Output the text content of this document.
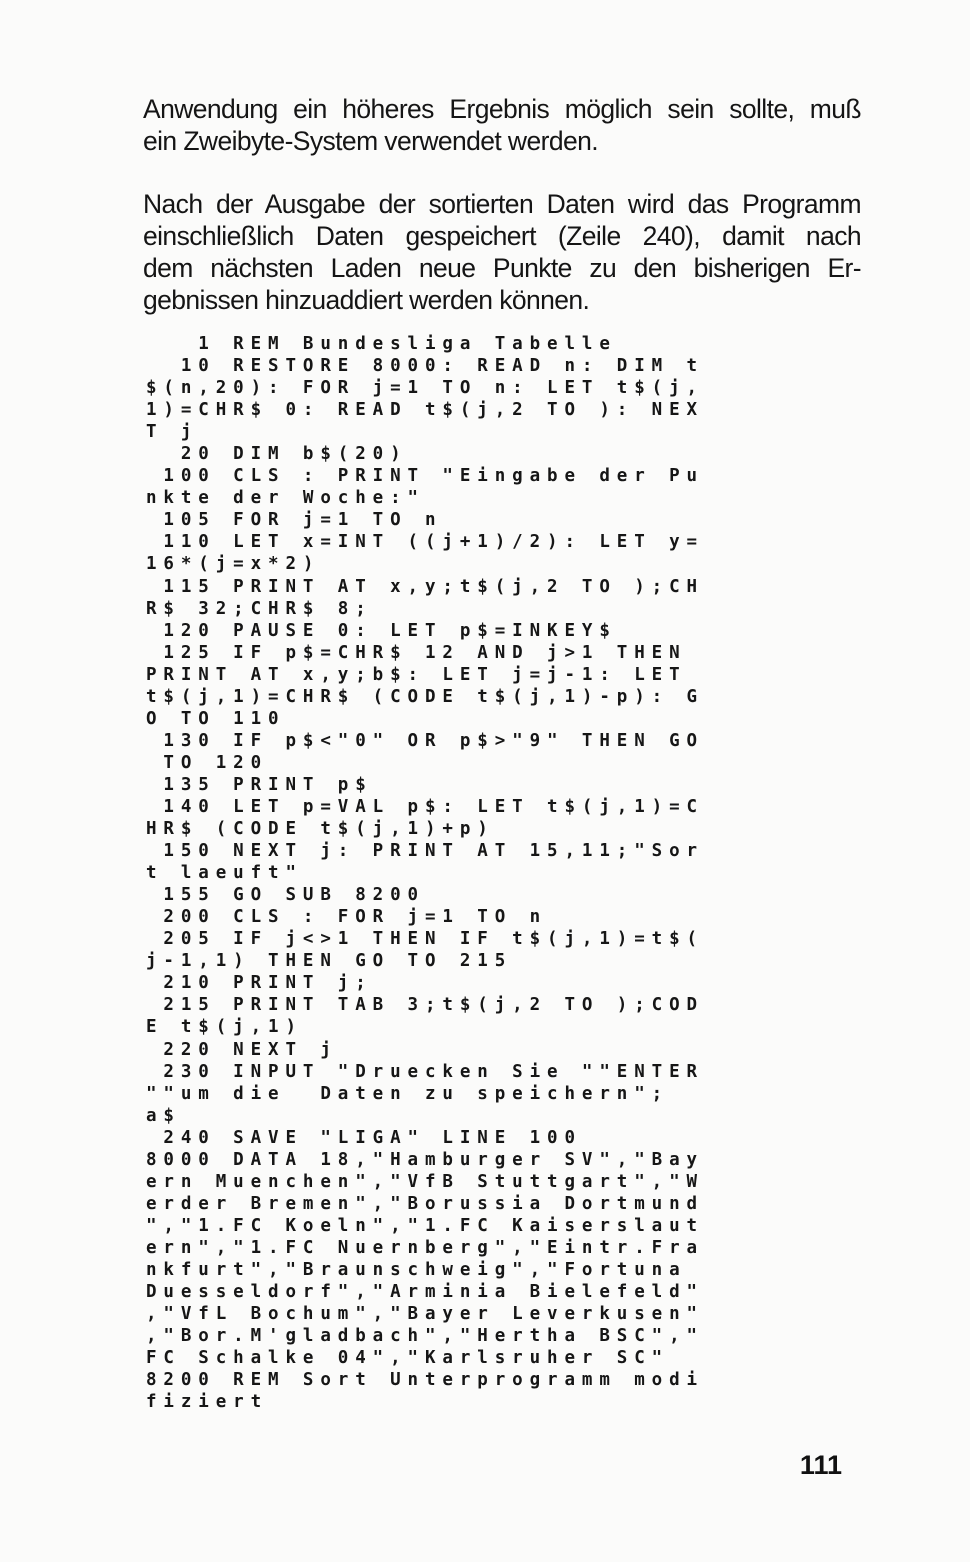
Anwendung ein höheres Ergebnis möglich sein sollte, muß
ein Zweibyte-System verwendet werden.

Nach der Ausgabe der sortierten Daten wird das Programm
einschließlich Daten gespeichert (Zeile 240), damit nach
dem nächsten Laden neue Punkte zu den bisherigen Er-
gebnissen hinzuaddiert werden können.

1 REM Bundesliga Tabelle
10 RESTORE 8000: READ n: DIM t
$(n,20): FOR j=1 TO n: LET t$(j,
1)=CHR$ 0: READ t$(j,2 TO ): NEX
T j
20 DIM b$(20)
100 CLS : PRINT "Eingabe der Pu
nkte der Woche:"
105 FOR j=1 TO n
110 LET x=INT ((j+1)/2): LET y=
16*(j=x*2)
115 PRINT AT x,y;t$(j,2 TO );CH
R$ 32;CHR$ 8;
120 PAUSE 0: LET p$=INKEY$
125 IF p$=CHR$ 12 AND j>1 THEN
PRINT AT x,y;b$: LET j=j-1: LET
t$(j,1)=CHR$ (CODE t$(j,1)-p): G
O TO 110
130 IF p$<"0" OR p$>"9" THEN GO
TO 120
135 PRINT p$
140 LET p=VAL p$: LET t$(j,1)=C
HR$ (CODE t$(j,1)+p)
150 NEXT j: PRINT AT 15,11;"Sor
t laeuft"
155 GO SUB 8200
200 CLS : FOR j=1 TO n
205 IF j<>1 THEN IF t$(j,1)=t$(
j-1,1) THEN GO TO 215
210 PRINT j;
215 PRINT TAB 3;t$(j,2 TO );COD
E t$(j,1)
220 NEXT j
230 INPUT "Druecken Sie ""ENTER
""um die  Daten zu speichern";
a$
240 SAVE "LIGA" LINE 100
8000 DATA 18,"Hamburger SV","Bay
ern Muenchen","VfB Stuttgart","W
erder Bremen","Borussia Dortmund
","1.FC Koeln","1.FC Kaiserslaut
ern","1.FC Nuernberg","Eintr.Fra
nkfurt","Braunschweig","Fortuna
Duesseldorf","Arminia Bielefeld"
,"VfL Bochum","Bayer Leverkusen"
,"Bor.M'gladbach","Hertha BSC","
FC Schalke 04","Karlsruher SC"
8200 REM Sort Unterprogramm modi
fiziert
111
